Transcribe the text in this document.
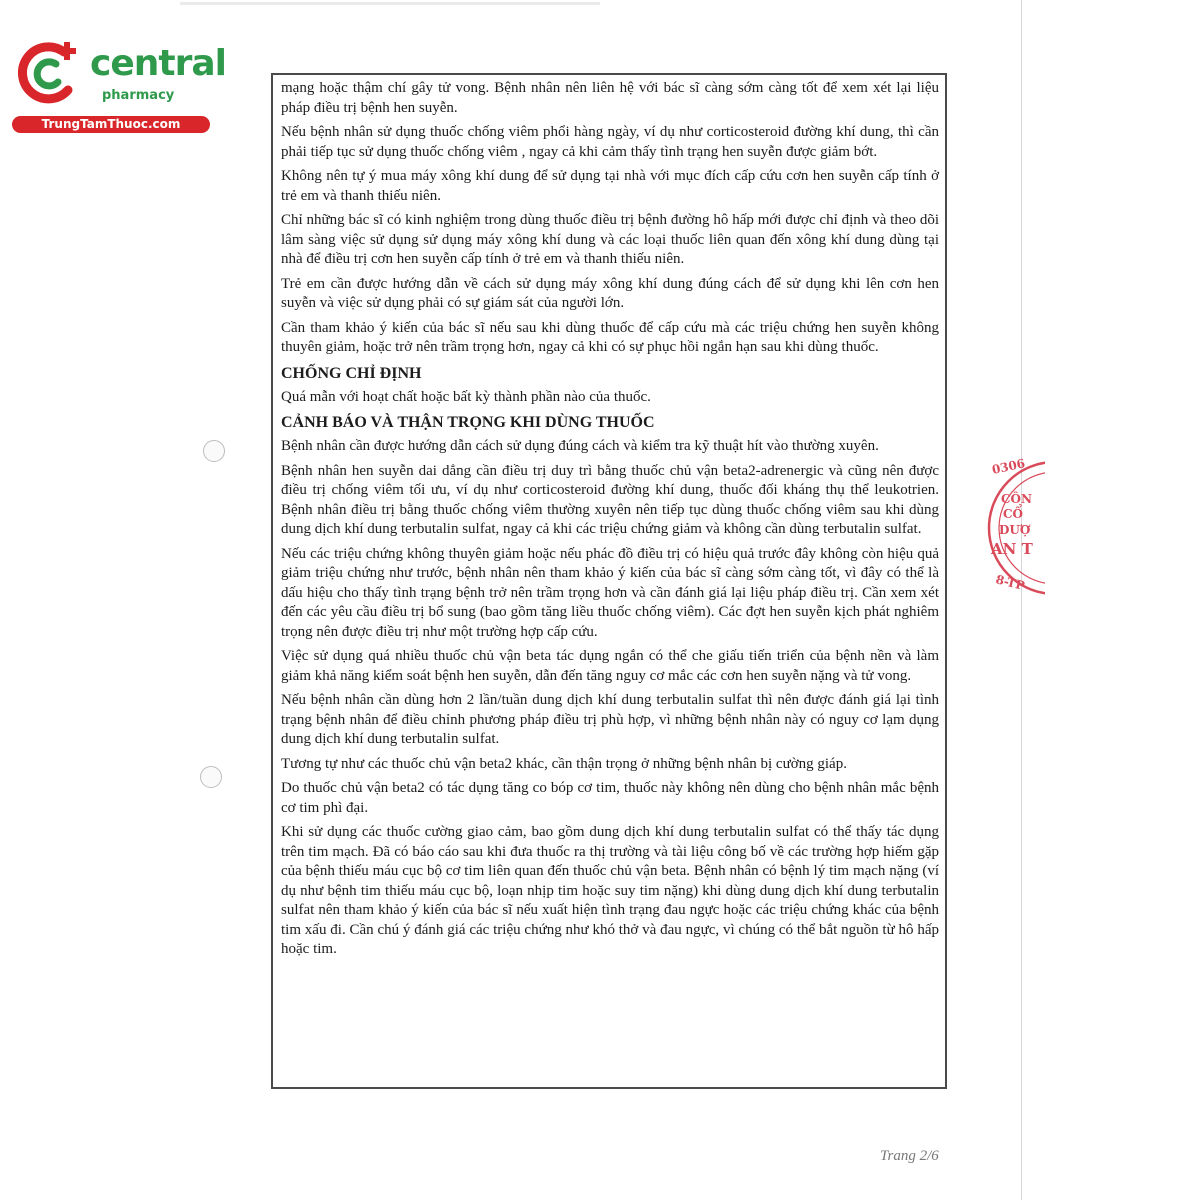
central
pharmacy
TrungTamThuoc.com
0306
CÔN
CỔ
DƯỢ
AN T
8-TP

mạng hoặc thậm chí gây tử vong. Bệnh nhân nên liên hệ với bác sĩ càng sớm càng tốt để xem xét lại liệu pháp điều trị bệnh hen suyễn.

Nếu bệnh nhân sử dụng thuốc chống viêm phổi hàng ngày, ví dụ như corticosteroid đường khí dung, thì cần phải tiếp tục sử dụng thuốc chống viêm , ngay cả khi cảm thấy tình trạng hen suyễn được giảm bớt.

Không nên tự ý mua máy xông khí dung để sử dụng tại nhà với mục đích cấp cứu cơn hen suyễn cấp tính ở trẻ em và thanh thiếu niên.

Chỉ những bác sĩ có kinh nghiệm trong dùng thuốc điều trị bệnh đường hô hấp mới được chỉ định và theo dõi lâm sàng việc sử dụng sử dụng máy xông khí dung và các loại thuốc liên quan đến xông khí dung dùng tại nhà để điều trị cơn hen suyễn cấp tính ở trẻ em và thanh thiếu niên.

Trẻ em cần được hướng dẫn về cách sử dụng máy xông khí dung đúng cách để sử dụng khi lên cơn hen suyễn và việc sử dụng phải có sự giám sát của người lớn.

Cần tham khảo ý kiến của bác sĩ nếu sau khi dùng thuốc để cấp cứu mà các triệu chứng hen suyễn không thuyên giảm, hoặc trở nên trầm trọng hơn, ngay cả khi có sự phục hồi ngắn hạn sau khi dùng thuốc.

CHỐNG CHỈ ĐỊNH

Quá mẫn với hoạt chất hoặc bất kỳ thành phần nào của thuốc.

CẢNH BÁO VÀ THẬN TRỌNG KHI DÙNG THUỐC

Bệnh nhân cần được hướng dẫn cách sử dụng đúng cách và kiểm tra kỹ thuật hít vào thường xuyên.

Bệnh nhân hen suyễn dai dẳng cần điều trị duy trì bằng thuốc chủ vận beta2-adrenergic và cũng nên được điều trị chống viêm tối ưu, ví dụ như corticosteroid đường khí dung, thuốc đối kháng thụ thể leukotrien. Bệnh nhân điều trị bằng thuốc chống viêm thường xuyên nên tiếp tục dùng thuốc chống viêm sau khi dùng dung dịch khí dung terbutalin sulfat, ngay cả khi các triệu chứng giảm và không cần dùng terbutalin sulfat.

Nếu các triệu chứng không thuyên giảm hoặc nếu phác đồ điều trị có hiệu quả trước đây không còn hiệu quả giảm triệu chứng như trước, bệnh nhân nên tham khảo ý kiến của bác sĩ càng sớm càng tốt, vì đây có thể là dấu hiệu cho thấy tình trạng bệnh trở nên trầm trọng hơn và cần đánh giá lại liệu pháp điều trị. Cần xem xét đến các yêu cầu điều trị bổ sung (bao gồm tăng liều thuốc chống viêm). Các đợt hen suyễn kịch phát nghiêm trọng nên được điều trị như một trường hợp cấp cứu.

Việc sử dụng quá nhiều thuốc chủ vận beta tác dụng ngắn có thể che giấu tiến triển của bệnh nền và làm giảm khả năng kiểm soát bệnh hen suyễn, dẫn đến tăng nguy cơ mắc các cơn hen suyễn nặng và tử vong.

Nếu bệnh nhân cần dùng hơn 2 lần/tuần dung dịch khí dung terbutalin sulfat thì nên được đánh giá lại tình trạng bệnh nhân để điều chỉnh phương pháp điều trị phù hợp, vì những bệnh nhân này có nguy cơ lạm dụng dung dịch khí dung terbutalin sulfat.

Tương tự như các thuốc chủ vận beta2 khác, cần thận trọng ở những bệnh nhân bị cường giáp.

Do thuốc chủ vận beta2 có tác dụng tăng co bóp cơ tim, thuốc này không nên dùng cho bệnh nhân mắc bệnh cơ tim phì đại.

Khi sử dụng các thuốc cường giao cảm, bao gồm dung dịch khí dung terbutalin sulfat có thể thấy tác dụng trên tim mạch. Đã có báo cáo sau khi đưa thuốc ra thị trường và tài liệu công bố về các trường hợp hiếm gặp của bệnh thiếu máu cục bộ cơ tim liên quan đến thuốc chủ vận beta. Bệnh nhân có bệnh lý tim mạch nặng (ví dụ như bệnh tim thiếu máu cục bộ, loạn nhịp tim hoặc suy tim nặng) khi dùng dung dịch khí dung terbutalin sulfat nên tham khảo ý kiến của bác sĩ nếu xuất hiện tình trạng đau ngực hoặc các triệu chứng khác của bệnh tim xấu đi. Cần chú ý đánh giá các triệu chứng như khó thở và đau ngực, vì chúng có thể bắt nguồn từ hô hấp hoặc tim.

Trang 2/6
